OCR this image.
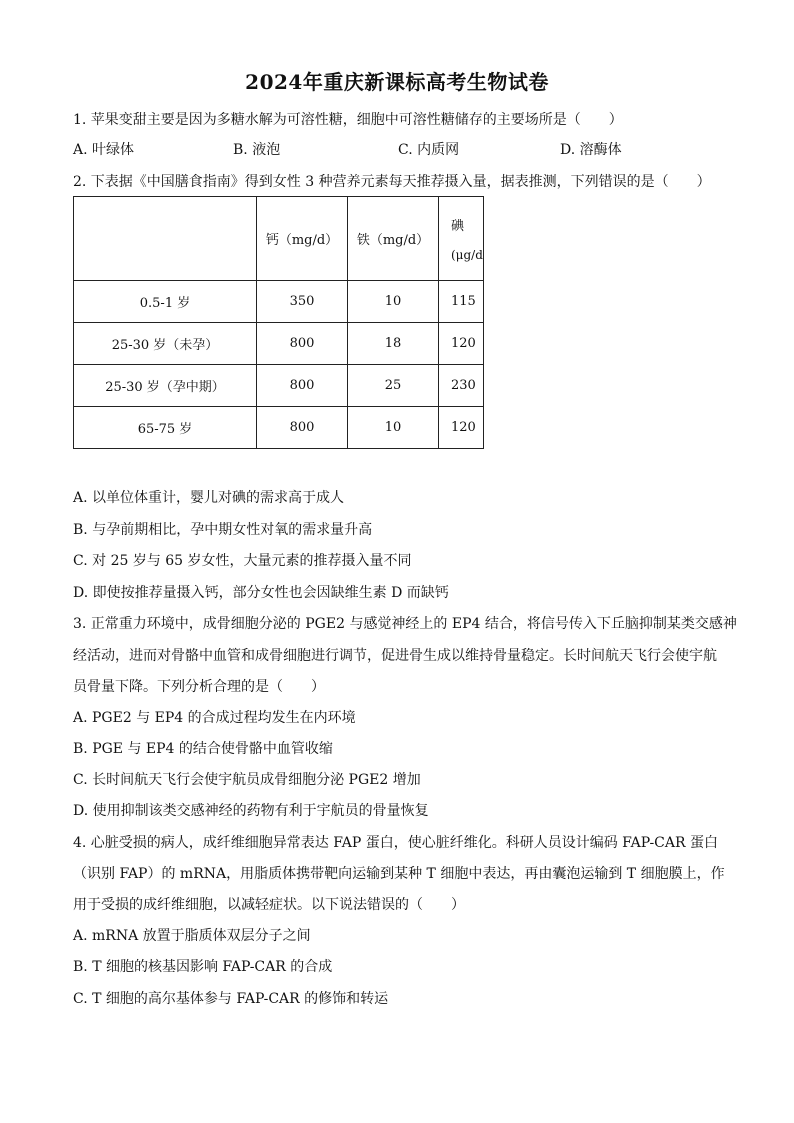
2024年重庆新课标高考生物试卷
1. 苹果变甜主要是因为多糖水解为可溶性糖，细胞中可溶性糖储存的主要场所是（　　）
A. 叶绿体	B. 液泡	C. 内质网	D. 溶酶体
2. 下表据《中国膳食指南》得到女性 3 种营养元素每天推荐摄入量，据表推测，下列错误的是（　　）
	钙（mg/d）	铁（mg/d）	碘
(μg/d

0.5-1 岁	350	10	115

25-30 岁（未孕）	800	18	120

25-30 岁（孕中期）	800	25	230

65-75 岁	800	10	120
A. 以单位体重计，婴儿对碘的需求高于成人
B. 与孕前期相比，孕中期女性对氧的需求量升高
C. 对 25 岁与 65 岁女性，大量元素的推荐摄入量不同
D. 即使按推荐量摄入钙，部分女性也会因缺维生素 D 而缺钙
3. 正常重力环境中，成骨细胞分泌的 PGE2 与感觉神经上的 EP4 结合，将信号传入下丘脑抑制某类交感神
经活动，进而对骨骼中血管和成骨细胞进行调节，促进骨生成以维持骨量稳定。长时间航天飞行会使宇航
员骨量下降。下列分析合理的是（　　）
A. PGE2 与 EP4 的合成过程均发生在内环境
B. PGE 与 EP4 的结合使骨骼中血管收缩
C. 长时间航天飞行会使宇航员成骨细胞分泌 PGE2 增加
D. 使用抑制该类交感神经的药物有利于宇航员的骨量恢复
4. 心脏受损的病人，成纤维细胞异常表达 FAP 蛋白，使心脏纤维化。科研人员设计编码 FAP-CAR 蛋白
（识别 FAP）的 mRNA，用脂质体携带靶向运输到某种 T 细胞中表达，再由囊泡运输到 T 细胞膜上，作
用于受损的成纤维细胞，以减轻症状。以下说法错误的（　　）
A. mRNA 放置于脂质体双层分子之间
B. T 细胞的核基因影响 FAP-CAR 的合成
C. T 细胞的高尔基体参与 FAP-CAR 的修饰和转运
